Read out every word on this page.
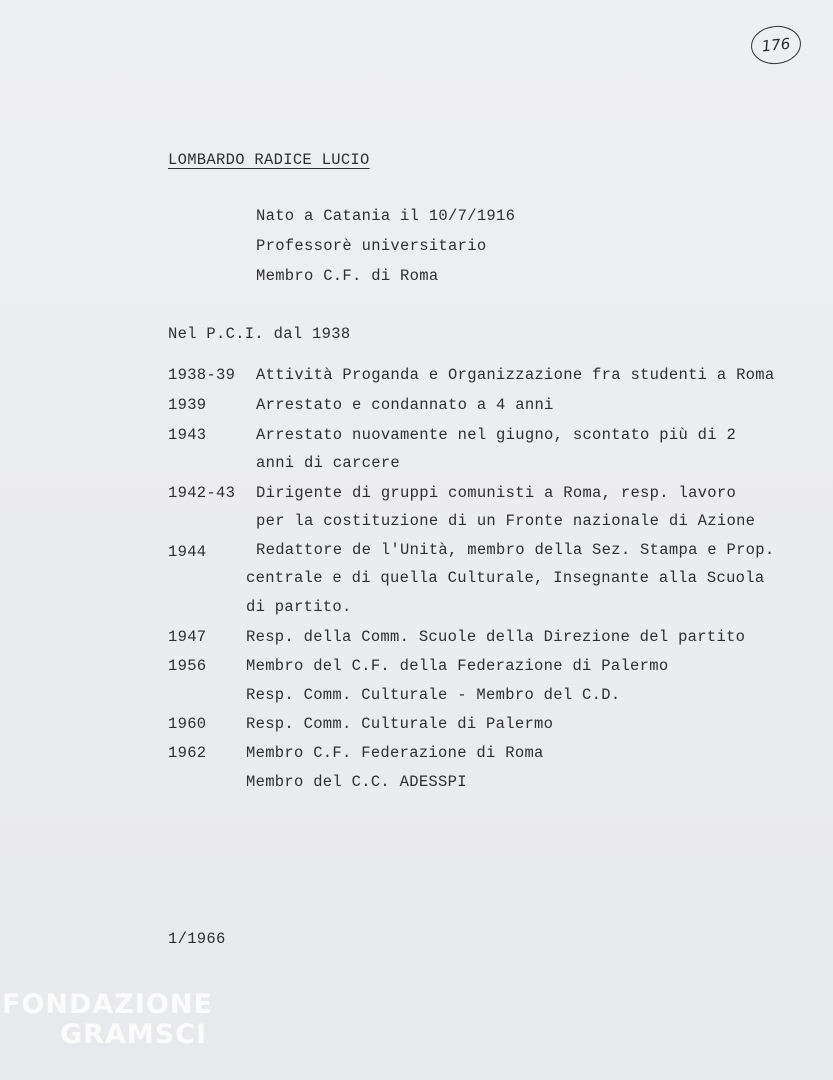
176
LOMBARDO RADICE LUCIO
Nato a Catania il 10/7/1916
Professorè universitario
Membro C.F. di Roma
Nel P.C.I. dal 1938
1938-39 Attività Proganda e Organizzazione fra studenti a Roma
1939	Arrestato e condannato a 4 anni
1943	Arrestato nuovamente nel giugno, scontato più di 2
anni di carcere
1942-43 Dirigente di gruppi comunisti a Roma, resp. lavoro
per la costituzione di un Fronte nazionale di Azione
1944	Redattore de l'Unità, membro della Sez. Stampa e Prop.
centrale e di quella Culturale, Insegnante alla Scuola
di partito.
1947	Resp. della Comm. Scuole della Direzione del partito
1956	Membro del C.F. della Federazione di Palermo
Resp. Comm. Culturale - Membro del C.D.
1960	Resp. Comm. Culturale di Palermo
1962	Membro C.F. Federazione di Roma
Membro del C.C. ADESSPI
1/1966
FONDAZIONE
GRAMSCI
